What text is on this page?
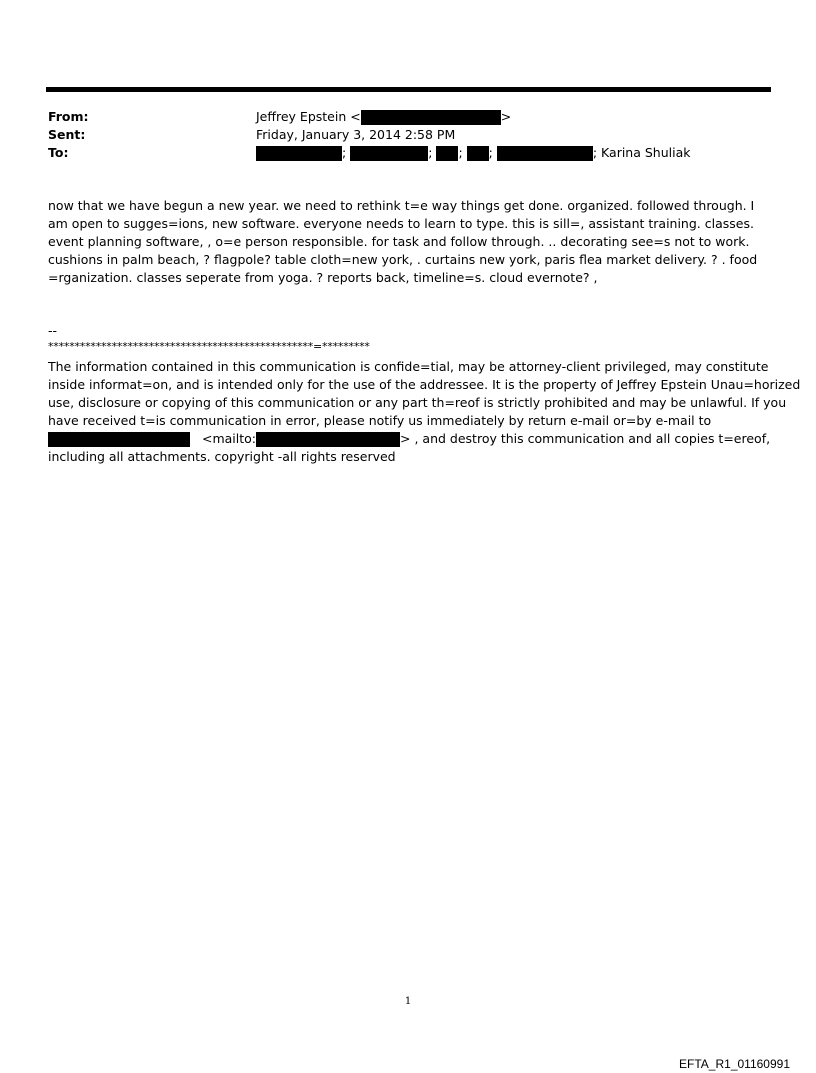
From:	Jeffrey Epstein <	>
Sent:	Friday, January 3, 2014 2:58 PM
To:	;	; ; ;	; Karina Shuliak
now that we have begun a new year. we need to rethink t=e way things get done. organized. followed through. I am open to sugges=ions, new software. everyone needs to learn to type. this is sill=, assistant training. classes. event planning software, , o=e person responsible. for task and follow through. .. decorating see=s not to work. cushions in palm beach, ? flagpole? table cloth=new york, . curtains new york, paris flea market delivery. ? . food =rganization. classes seperate from yoga. ? reports back, timeline=s. cloud evernote? ,
--
**************************************************=*********
The information contained in this communication is confide=tial, may be attorney-client privileged, may constitute
inside informat=on, and is intended only for the use of the addressee. It is the property of Jeffrey Epstein Unau=horized
use, disclosure or copying of this communication or any part th=reof is strictly prohibited and may be unlawful. If you
have received t=is communication in error, please notify us immediately by return e-mail or=by e-mail to
<mailto:	> , and destroy this communication and all copies t=ereof,
including all attachments. copyright -all rights reserved
1
EFTA_R1_01160991
